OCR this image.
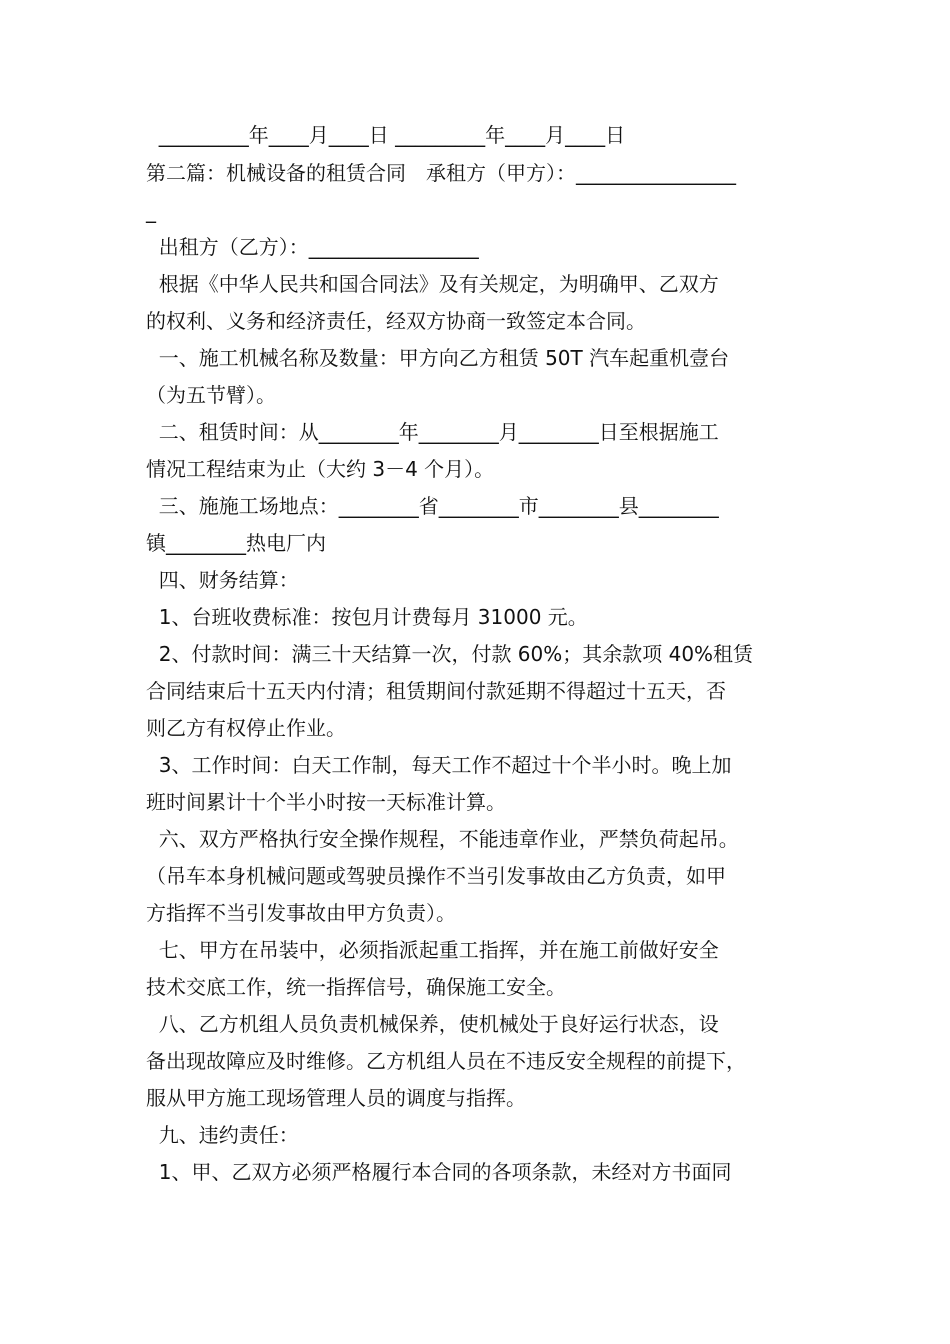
_________年____月____日 _________年____月____日
第二篇：机械设备的租赁合同　承租方（甲方）：________________
_
出租方（乙方）：_________________
根据《中华人民共和国合同法》及有关规定，为明确甲、乙双方
的权利、义务和经济责任，经双方协商一致签定本合同。
一、施工机械名称及数量：甲方向乙方租赁 50T 汽车起重机壹台
（为五节臂）。
二、租赁时间：从________年________月________日至根据施工
情况工程结束为止（大约 3－4 个月）。
三、施施工场地点：________省________市________县________
镇________热电厂内
四、财务结算：
1、台班收费标准：按包月计费每月 31000 元。
2、付款时间：满三十天结算一次，付款 60%；其余款项 40%租赁
合同结束后十五天内付清；租赁期间付款延期不得超过十五天，否
则乙方有权停止作业。
3、工作时间：白天工作制，每天工作不超过十个半小时。晚上加
班时间累计十个半小时按一天标准计算。
六、双方严格执行安全操作规程，不能违章作业，严禁负荷起吊。
（吊车本身机械问题或驾驶员操作不当引发事故由乙方负责，如甲
方指挥不当引发事故由甲方负责）。
七、甲方在吊装中，必须指派起重工指挥，并在施工前做好安全
技术交底工作，统一指挥信号，确保施工安全。
八、乙方机组人员负责机械保养，使机械处于良好运行状态，设
备出现故障应及时维修。乙方机组人员在不违反安全规程的前提下，
服从甲方施工现场管理人员的调度与指挥。
九、违约责任：
1、甲、乙双方必须严格履行本合同的各项条款，未经对方书面同
